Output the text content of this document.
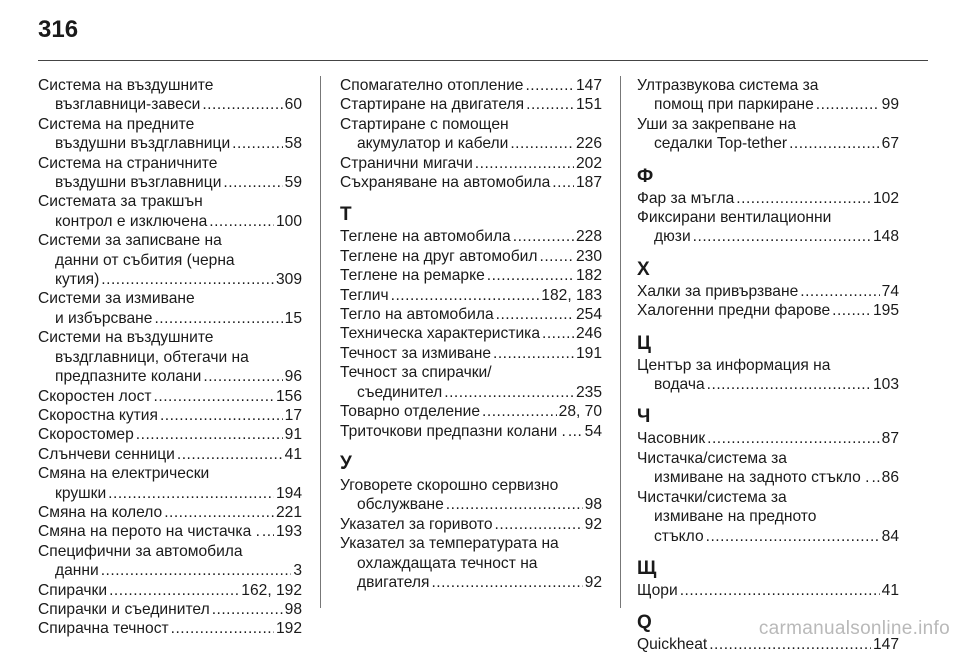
316
Система на въздушните
възглавници-завеси .....	60
Система на предните
въздушни въздглавници .....	58
Система на страничните
въздушни възглавници .....	59
Системата за тракшън
контрол е изключена .....	100
Системи за записване на
данни от събития (черна
кутия) .....	309
Системи за измиване
и избърсване .....	15
Системи на въздушните
въздглавници, обтегачи на
предпазните колани .....	96
Скоростен лост .....	156
Скоростна кутия .....	17
Скоростомер .....	91
Слънчеви сенници .....	41
Смяна на електрически
крушки .....	194
Смяна на колело .....	221
Смяна на перото на чистачка . ..... 193
Специфични за автомобила
данни .....	3
Спирачки .....	162, 192
Спирачки и съединител .....	98
Спирачна течност .....	192
Спомагателно отопление .....	147
Стартиране на двигателя .....	151
Стартиране с помощен
акумулатор и кабели .....	226
Странични мигачи .....	202
Съхраняване на автомобила ..... 187
Т
Теглене на автомобила .....	228
Теглене на друг автомобил ..... 230
Теглене на ремарке .....	182
Теглич .....	182, 183
Тегло на автомобила .....	254
Техническа характеристика ..... 246
Течност за измиване .....	191
Течност за спирачки/
съединител .....	235
Товарно отделение .....	28, 70
Триточкови предпазни колани . ..... 54
У
Уговорете скорошно сервизно
обслужване .....	98
Указател за горивото .....	92
Указател за температурата на
охлаждащата течност на
двигателя .....	92
Ултразвукова система за
помощ при паркиране .....	99
Уши за закрепване на
седалки Top-tether .....	67
Ф
Фар за мъгла .....	102
Фиксирани вентилационни
дюзи .....	148
Х
Халки за привързване .....	74
Халогенни предни фарове .....	195
Ц
Център за информация на
водача .....	103
Ч
Часовник .....	87
Чистачка/система за
измиване на задното стъкло . ..... 86
Чистачки/система за
измиване на предното
стъкло .....	84
Щ
Щори .....	41
Q
Quickheat .....	147
carmanualsonline.info
